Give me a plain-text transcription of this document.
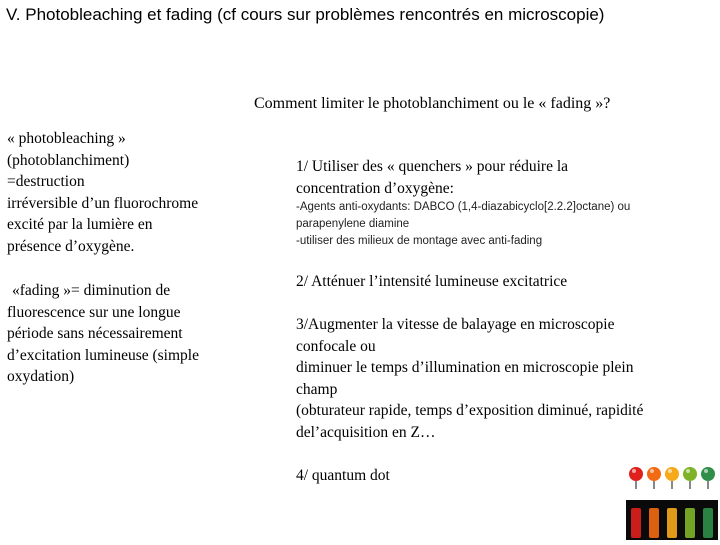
V. Photobleaching et fading (cf cours sur problèmes rencontrés en microscopie)
Comment limiter le photoblanchiment ou le « fading »?
« photobleaching »
(photoblanchiment)
=destruction
irréversible d’un fluorochrome
excité par la lumière en
présence d’oxygène.
«fading »= diminution de
fluorescence sur une longue
période sans nécessairement
d’excitation lumineuse (simple
oxydation)
1/ Utiliser des « quenchers » pour réduire la
concentration d’oxygène:
-Agents anti-oxydants: DABCO (1,4-diazabicyclo[2.2.2]octane) ou
parapenylene diamine
-utiliser des milieux de montage avec anti-fading
2/ Atténuer l’intensité lumineuse excitatrice
3/Augmenter la vitesse de balayage en microscopie
confocale ou
diminuer le temps d’illumination en microscopie plein
champ
(obturateur rapide, temps d’exposition diminué, rapidité
del’acquisition en Z…
4/ quantum dot
